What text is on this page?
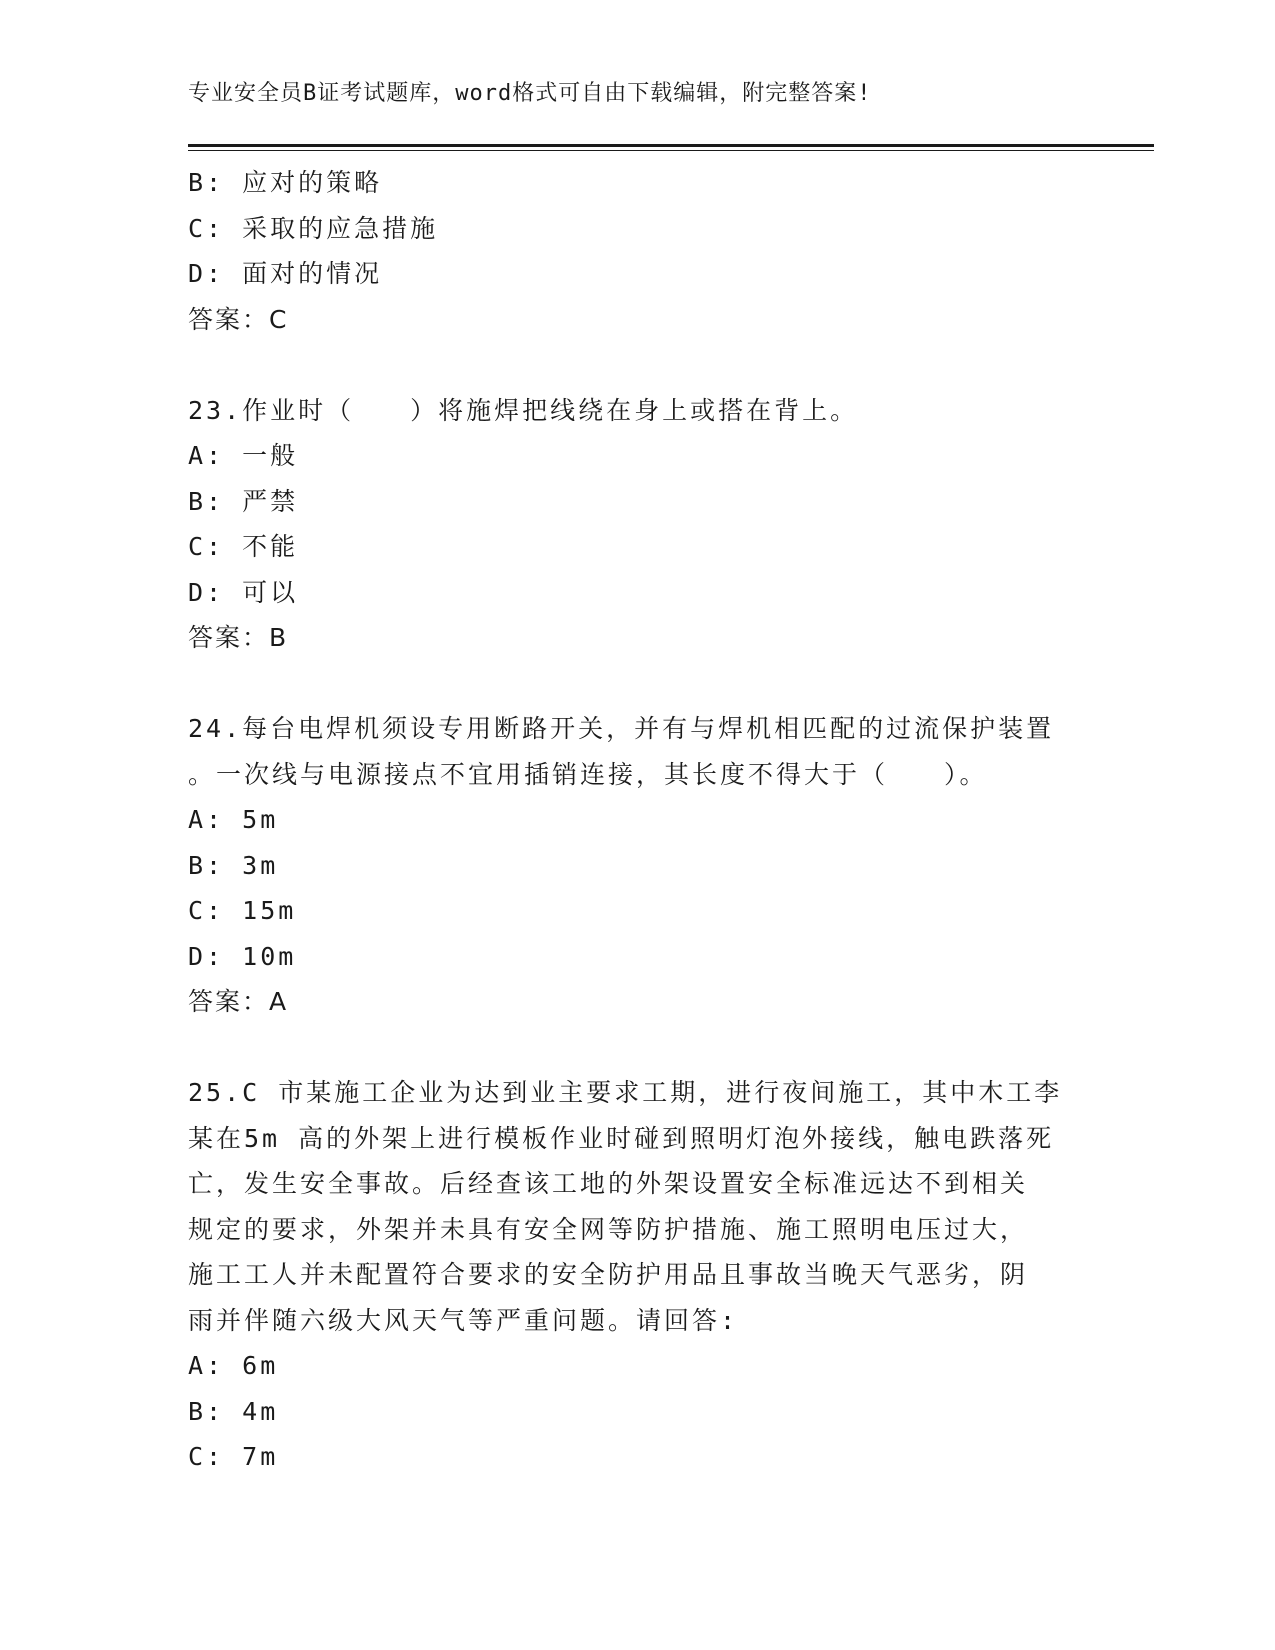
专业安全员B证考试题库，word格式可自由下载编辑，附完整答案!
B: 应对的策略
C: 采取的应急措施
D: 面对的情况
答案：C
23.作业时（　　）将施焊把线绕在身上或搭在背上。
A: 一般
B: 严禁
C: 不能
D: 可以
答案：B
24.每台电焊机须设专用断路开关，并有与焊机相匹配的过流保护装置
。一次线与电源接点不宜用插销连接，其长度不得大于（　　）。
A: 5m
B: 3m
C: 15m
D: 10m
答案：A
25.C 市某施工企业为达到业主要求工期，进行夜间施工，其中木工李
某在5m 高的外架上进行模板作业时碰到照明灯泡外接线，触电跌落死
亡，发生安全事故。后经查该工地的外架设置安全标准远达不到相关
规定的要求，外架并未具有安全网等防护措施、施工照明电压过大，
施工工人并未配置符合要求的安全防护用品且事故当晚天气恶劣，阴
雨并伴随六级大风天气等严重问题。请回答:
A: 6m
B: 4m
C: 7m
